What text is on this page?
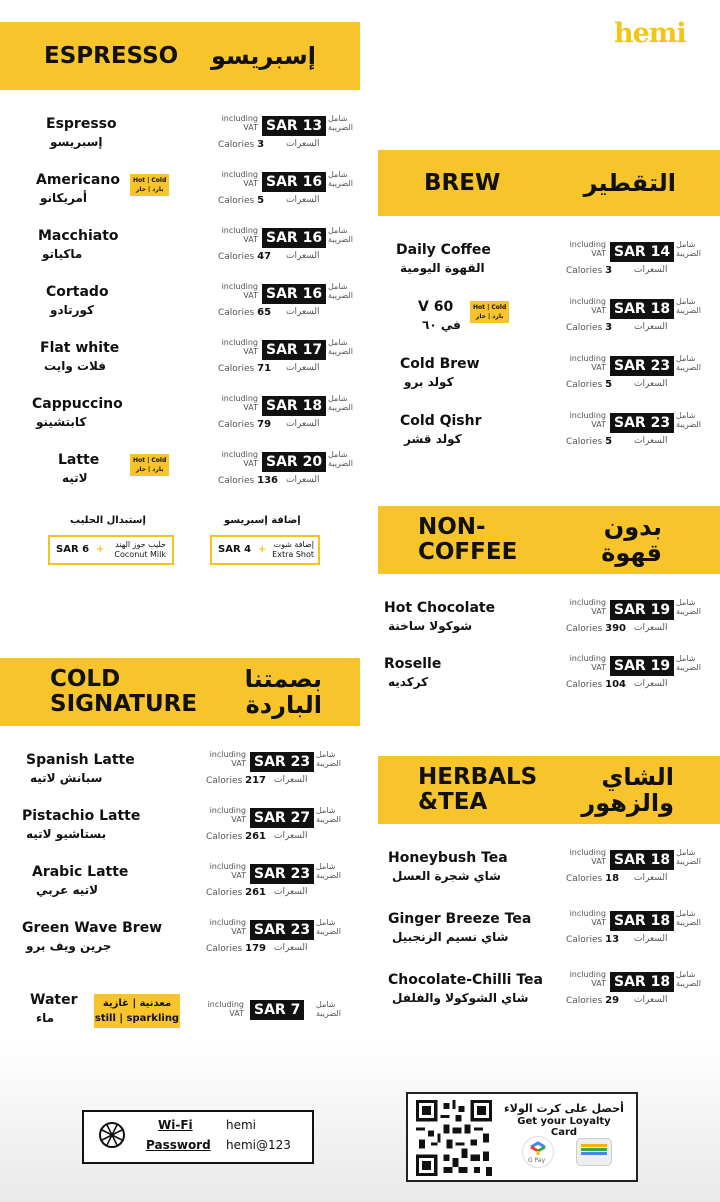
hemi
ESPRESSO إسبريسو
BREW	التقطير
NON-
COFFEE
بدون
قهوة
COLD
SIGNATURE
بصمتنا
الباردة
HERBALS
&TEA
الشاي
والزهور
Espresso
إسبريسو
including VAT SAR 13 شامل الضريبة
Calories 3 السعرات
Americano
أمريكانو
including VAT SAR 16 شامل الضريبة
Calories 5 السعرات
Hot | Cold
بارد | حار
Macchiato
ماكياتو
including VAT SAR 16 شامل الضريبة
Calories 47 السعرات
Cortado
كورتادو
including VAT SAR 16 شامل الضريبة
Calories 65 السعرات
Flat white
فلات وايت
including VAT SAR 17 شامل الضريبة
Calories 71 السعرات
Cappuccino
كابتشينو
including VAT SAR 18 شامل الضريبة
Calories 79 السعرات
Latte
لاتيه
including VAT SAR 20 شامل الضريبة
Calories 136 السعرات
Hot | Cold
بارد | حار
Daily Coffee
القهوة اليومية
including VAT SAR 14 شامل الضريبة
Calories 3 السعرات
V 60
في ٦٠
including VAT SAR 18 شامل الضريبة
Calories 3 السعرات
Hot | Cold
بارد | حار
Cold Brew
كولد برو
including VAT SAR 23 شامل الضريبة
Calories 5 السعرات
Cold Qishr
كولد قشر
including VAT SAR 23 شامل الضريبة
Calories 5 السعرات
Hot Chocolate
شوكولا ساخنة
including VAT SAR 19 شامل الضريبة
Calories 390 السعرات
Roselle
كركديه
including VAT SAR 19 شامل الضريبة
Calories 104 السعرات
Spanish Latte
سبانش لاتيه
including VAT SAR 23 شامل الضريبة
Calories 217 السعرات
Pistachio Latte
بستاشيو لاتيه
including VAT SAR 27 شامل الضريبة
Calories 261 السعرات
Arabic Latte
لاتيه عربي
including VAT SAR 23 شامل الضريبة
Calories 261 السعرات
Green Wave Brew
جرين ويف برو
including VAT SAR 23 شامل الضريبة
Calories 179 السعرات
Honeybush Tea
شاي شجرة العسل
including VAT SAR 18 شامل الضريبة
Calories 18 السعرات
Ginger Breeze Tea
شاي نسيم الزنجبيل
including VAT SAR 18 شامل الضريبة
Calories 13 السعرات
Chocolate-Chilli Tea
شاي الشوكولا والفلفل
including VAT SAR 18 شامل الضريبة
Calories 29 السعرات
إستبدال الحليب
SAR 6 + حليب جوز الهند
Coconut Milk
إضافة إسبريسو
SAR 4 + إضافة شوت
Extra Shot
Water
ماء
including VAT SAR 7	شامل الضريبة
معدنية | غازية
still | sparkling
Wi-Fi	hemi
Password hemi@123
أحصل على كرت الولاء
Get your Loyalty Card
G Pay
